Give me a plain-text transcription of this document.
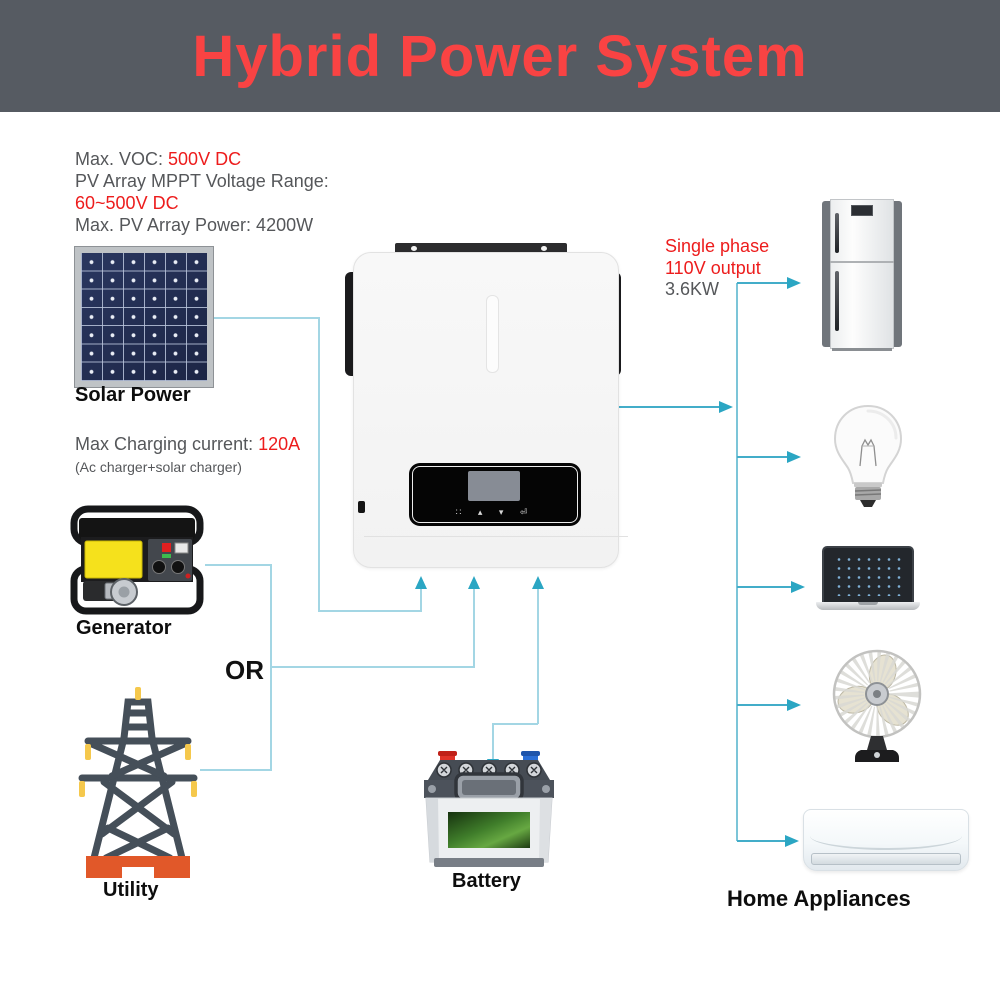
Hybrid Power System
Max. VOC: 500V DC
PV Array MPPT Voltage Range:
60~500V DC
Max. PV Array Power: 4200W
Solar Power
Max Charging current: 120A
(Ac charger+solar charger)
Generator
OR
Utility
∷ ▴ ▾ ⏎
Battery
Single phase
110V output
3.6KW
Home Appliances
